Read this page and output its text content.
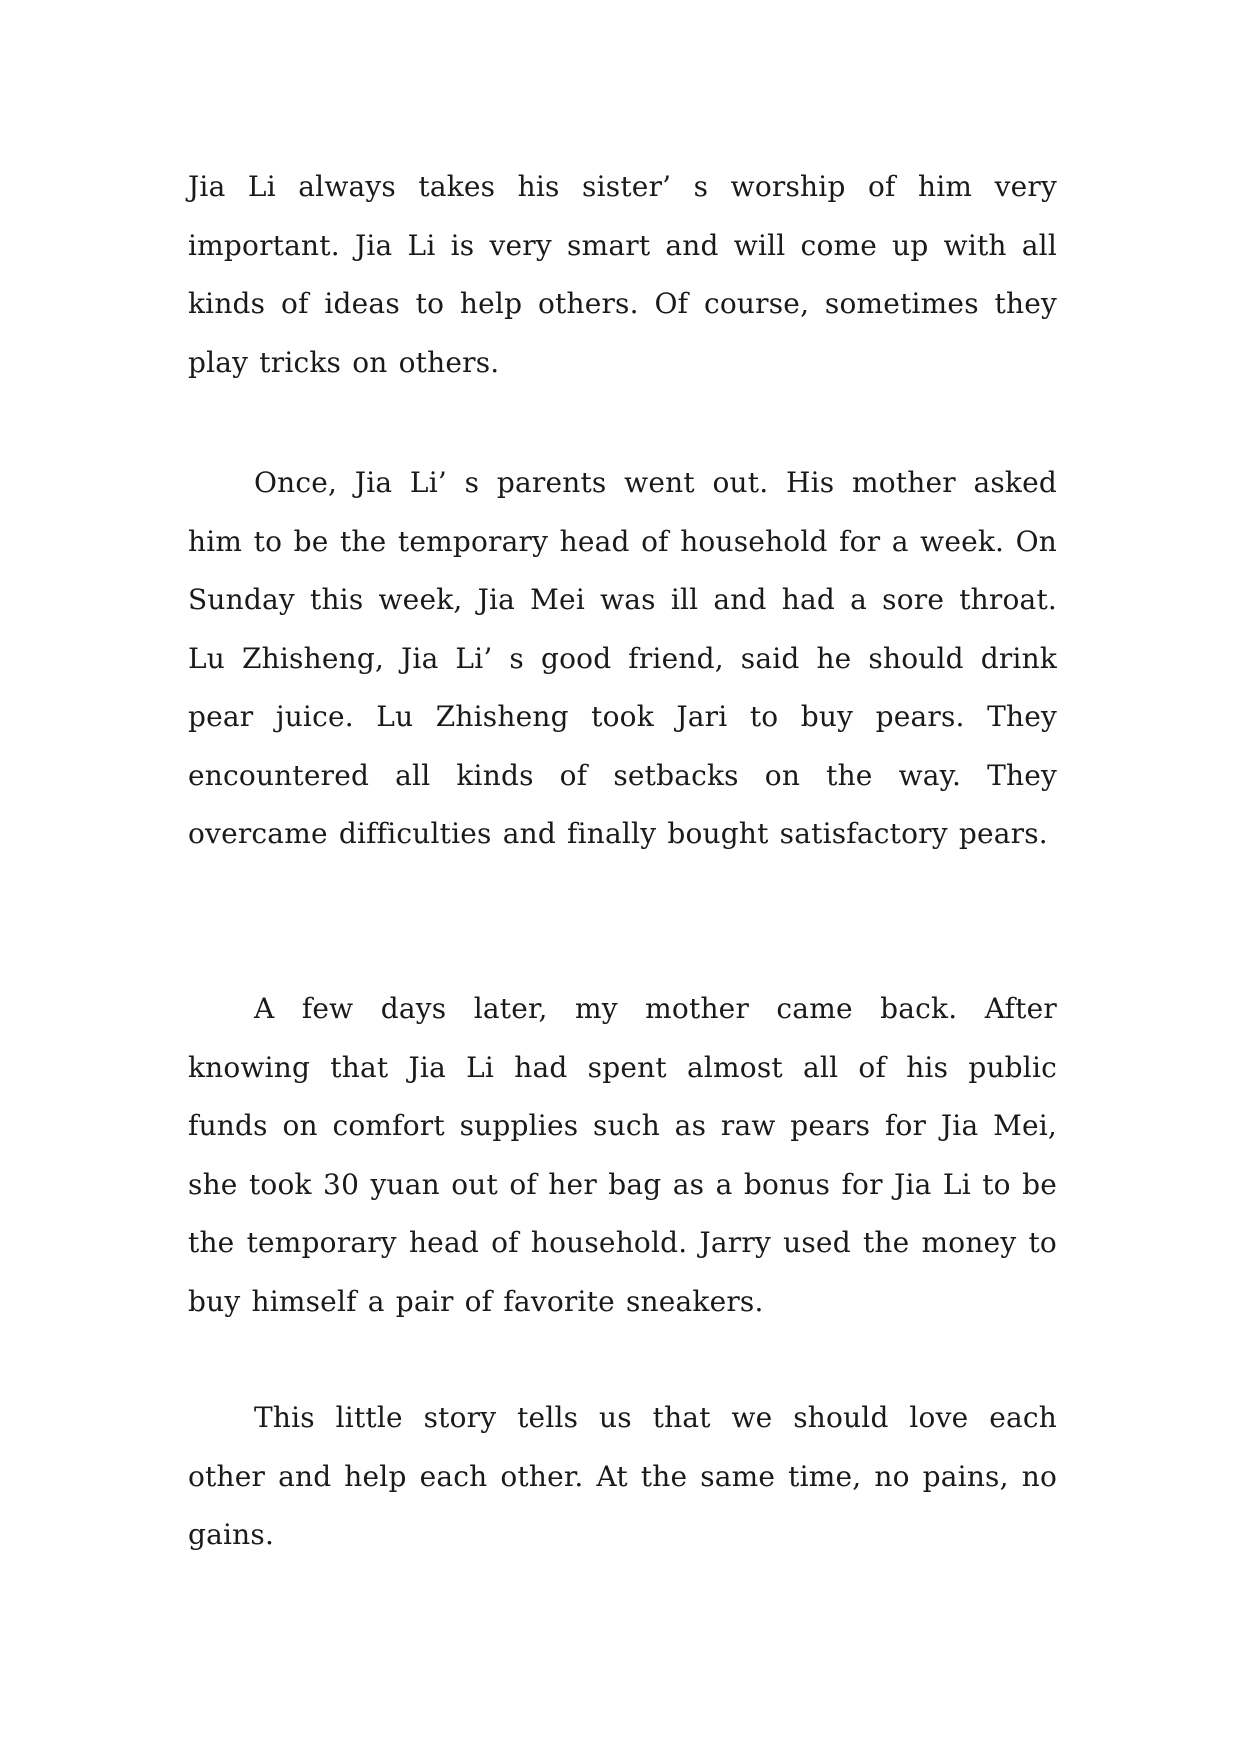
Jia Li always takes his sister’ s worship of him very important. Jia Li is very smart and will come up with all kinds of ideas to help others. Of course, sometimes they play tricks on others.

Once, Jia Li’ s parents went out. His mother asked him to be the temporary head of household for a week. On Sunday this week, Jia Mei was ill and had a sore throat. Lu Zhisheng, Jia Li’ s good friend, said he should drink pear juice. Lu Zhisheng took Jari to buy pears. They encountered all kinds of setbacks on the way. They overcame difficulties and finally bought satisfactory pears.

A few days later, my mother came back. After knowing that Jia Li had spent almost all of his public funds on comfort supplies such as raw pears for Jia Mei, she took 30 yuan out of her bag as a bonus for Jia Li to be the temporary head of household. Jarry used the money to buy himself a pair of favorite sneakers.

This little story tells us that we should love each other and help each other. At the same time, no pains, no gains.
